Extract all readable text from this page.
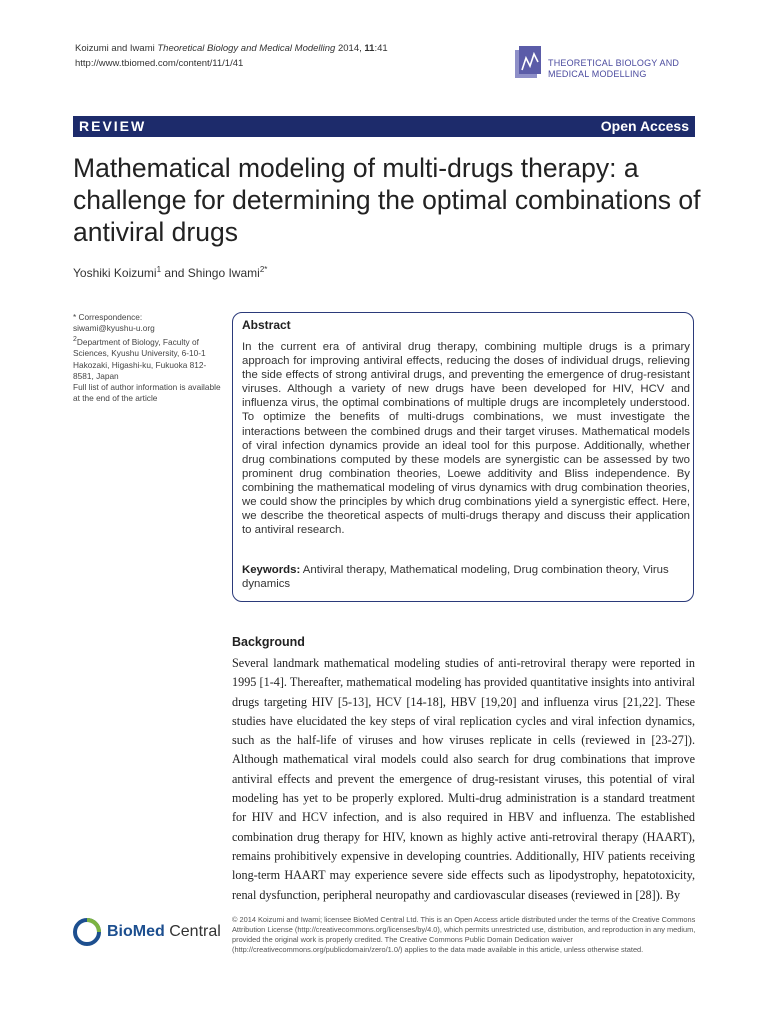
Koizumi and Iwami Theoretical Biology and Medical Modelling 2014, 11:41
http://www.tbiomed.com/content/11/1/41	THEORETICAL BIOLOGY AND
MEDICAL MODELLING
REVIEW	Open Access
Mathematical modeling of multi-drugs therapy: a challenge for determining the optimal combinations of antiviral drugs
Yoshiki Koizumi$^1$ and Shingo Iwami$^{2*}$
* Correspondence:
siwami@kyushu-u.org
$^2$Department of Biology, Faculty of Sciences, Kyushu University, 6-10-1 Hakozaki, Higashi-ku, Fukuoka 812-8581, Japan
Full list of author information is available at the end of the article
Abstract
In the current era of antiviral drug therapy, combining multiple drugs is a primary approach for improving antiviral effects, reducing the doses of individual drugs, relieving the side effects of strong antiviral drugs, and preventing the emergence of drug-resistant viruses. Although a variety of new drugs have been developed for HIV, HCV and influenza virus, the optimal combinations of multiple drugs are incompletely understood. To optimize the benefits of multi-drugs combinations, we must investigate the interactions between the combined drugs and their target viruses. Mathematical models of viral infection dynamics provide an ideal tool for this purpose. Additionally, whether drug combinations computed by these models are synergistic can be assessed by two prominent drug combination theories, Loewe additivity and Bliss independence. By combining the mathematical modeling of virus dynamics with drug combination theories, we could show the principles by which drug combinations yield a synergistic effect. Here, we describe the theoretical aspects of multi-drugs therapy and discuss their application to antiviral research.
Keywords: Antiviral therapy, Mathematical modeling, Drug combination theory, Virus dynamics
Background
Several landmark mathematical modeling studies of anti-retroviral therapy were reported in 1995 [1-4]. Thereafter, mathematical modeling has provided quantitative insights into antiviral drugs targeting HIV [5-13], HCV [14-18], HBV [19,20] and influenza virus [21,22]. These studies have elucidated the key steps of viral replication cycles and viral infection dynamics, such as the half-life of viruses and how viruses replicate in cells (reviewed in [23-27]). Although mathematical viral models could also search for drug combinations that improve antiviral effects and prevent the emergence of drug-resistant viruses, this potential of viral modeling has yet to be properly explored. Multi-drug administration is a standard treatment for HIV and HCV infection, and is also required in HBV and influenza. The established combination drug therapy for HIV, known as highly active anti-retroviral therapy (HAART), remains prohibitively expensive in developing countries. Additionally, HIV patients receiving long-term HAART may experience severe side effects such as lipodystrophy, hepatotoxicity, renal dysfunction, peripheral neuropathy and cardiovascular diseases (reviewed in [28]). By
BioMed Central
© 2014 Koizumi and Iwami; licensee BioMed Central Ltd. This is an Open Access article distributed under the terms of the Creative Commons Attribution License (http://creativecommons.org/licenses/by/4.0), which permits unrestricted use, distribution, and reproduction in any medium, provided the original work is properly credited. The Creative Commons Public Domain Dedication waiver (http://creativecommons.org/publicdomain/zero/1.0/) applies to the data made available in this article, unless otherwise stated.
